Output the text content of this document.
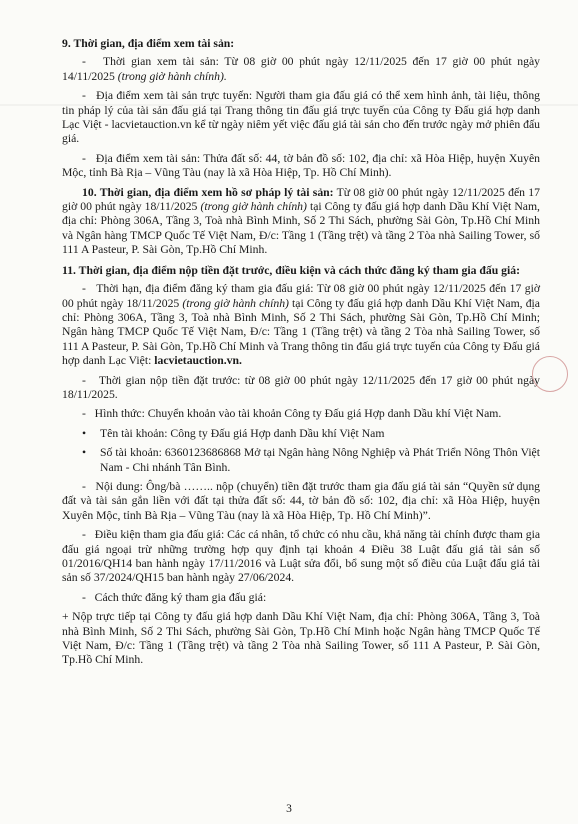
9. Thời gian, địa điểm xem tài sản:
- Thời gian xem tài sản: Từ 08 giờ 00 phút ngày 12/11/2025 đến 17 giờ 00 phút ngày 14/11/2025 (trong giờ hành chính).
- Địa điểm xem tài sản trực tuyến: Người tham gia đấu giá có thể xem hình ảnh, tài liệu, thông tin pháp lý của tài sản đấu giá tại Trang thông tin đấu giá trực tuyến của Công ty Đấu giá hợp danh Lạc Việt - lacvietauction.vn kể từ ngày niêm yết việc đấu giá tài sản cho đến trước ngày mở phiên đấu giá.
- Địa điểm xem tài sản: Thửa đất số: 44, tờ bản đồ số: 102, địa chỉ: xã Hòa Hiệp, huyện Xuyên Mộc, tỉnh Bà Rịa – Vũng Tàu (nay là xã Hòa Hiệp, Tp. Hồ Chí Minh).
10. Thời gian, địa điểm xem hồ sơ pháp lý tài sản: Từ 08 giờ 00 phút ngày 12/11/2025 đến 17 giờ 00 phút ngày 18/11/2025 (trong giờ hành chính) tại Công ty đấu giá hợp danh Dầu Khí Việt Nam, địa chỉ: Phòng 306A, Tầng 3, Toà nhà Bình Minh, Số 2 Thi Sách, phường Sài Gòn, Tp.Hồ Chí Minh và Ngân hàng TMCP Quốc Tế Việt Nam, Đ/c: Tầng 1 (Tầng trệt) và tầng 2 Tòa nhà Sailing Tower, số 111 A Pasteur, P. Sài Gòn, Tp.Hồ Chí Minh.
11. Thời gian, địa điểm nộp tiền đặt trước, điều kiện và cách thức đăng ký tham gia đấu giá:
- Thời hạn, địa điểm đăng ký tham gia đấu giá: Từ 08 giờ 00 phút ngày 12/11/2025 đến 17 giờ 00 phút ngày 18/11/2025 (trong giờ hành chính) tại Công ty đấu giá hợp danh Dầu Khí Việt Nam, địa chỉ: Phòng 306A, Tầng 3, Toà nhà Bình Minh, Số 2 Thi Sách, phường Sài Gòn, Tp.Hồ Chí Minh; Ngân hàng TMCP Quốc Tế Việt Nam, Đ/c: Tầng 1 (Tầng trệt) và tầng 2 Tòa nhà Sailing Tower, số 111 A Pasteur, P. Sài Gòn, Tp.Hồ Chí Minh và Trang thông tin đấu giá trực tuyến của Công ty Đấu giá hợp danh Lạc Việt: lacvietauction.vn.
- Thời gian nộp tiền đặt trước: từ 08 giờ 00 phút ngày 12/11/2025 đến 17 giờ 00 phút ngày 18/11/2025.
- Hình thức: Chuyển khoản vào tài khoản Công ty Đấu giá Hợp danh Dầu khí Việt Nam.
•	Tên tài khoản: Công ty Đấu giá Hợp danh Dầu khí Việt Nam
•	Số tài khoản: 6360123686868 Mở tại Ngân hàng Nông Nghiệp và Phát Triển Nông Thôn Việt Nam - Chi nhánh Tân Bình.
- Nội dung: Ông/bà …….. nộp (chuyển) tiền đặt trước tham gia đấu giá tài sản “Quyền sử dụng đất và tài sản gắn liền với đất tại thửa đất số: 44, tờ bản đồ số: 102, địa chỉ: xã Hòa Hiệp, huyện Xuyên Mộc, tỉnh Bà Rịa – Vũng Tàu (nay là xã Hòa Hiệp, Tp. Hồ Chí Minh)”.
- Điều kiện tham gia đấu giá: Các cá nhân, tổ chức có nhu cầu, khả năng tài chính được tham gia đấu giá ngoại trừ những trường hợp quy định tại khoản 4 Điều 38 Luật đấu giá tài sản số 01/2016/QH14 ban hành ngày 17/11/2016 và Luật sửa đổi, bổ sung một số điều của Luật đấu giá tài sản số 37/2024/QH15 ban hành ngày 27/06/2024.
- Cách thức đăng ký tham gia đấu giá:
+ Nộp trực tiếp tại Công ty đấu giá hợp danh Dầu Khí Việt Nam, địa chỉ: Phòng 306A, Tầng 3, Toà nhà Bình Minh, Số 2 Thi Sách, phường Sài Gòn, Tp.Hồ Chí Minh hoặc Ngân hàng TMCP Quốc Tế Việt Nam, Đ/c: Tầng 1 (Tầng trệt) và tầng 2 Tòa nhà Sailing Tower, số 111 A Pasteur, P. Sài Gòn, Tp.Hồ Chí Minh.
3
